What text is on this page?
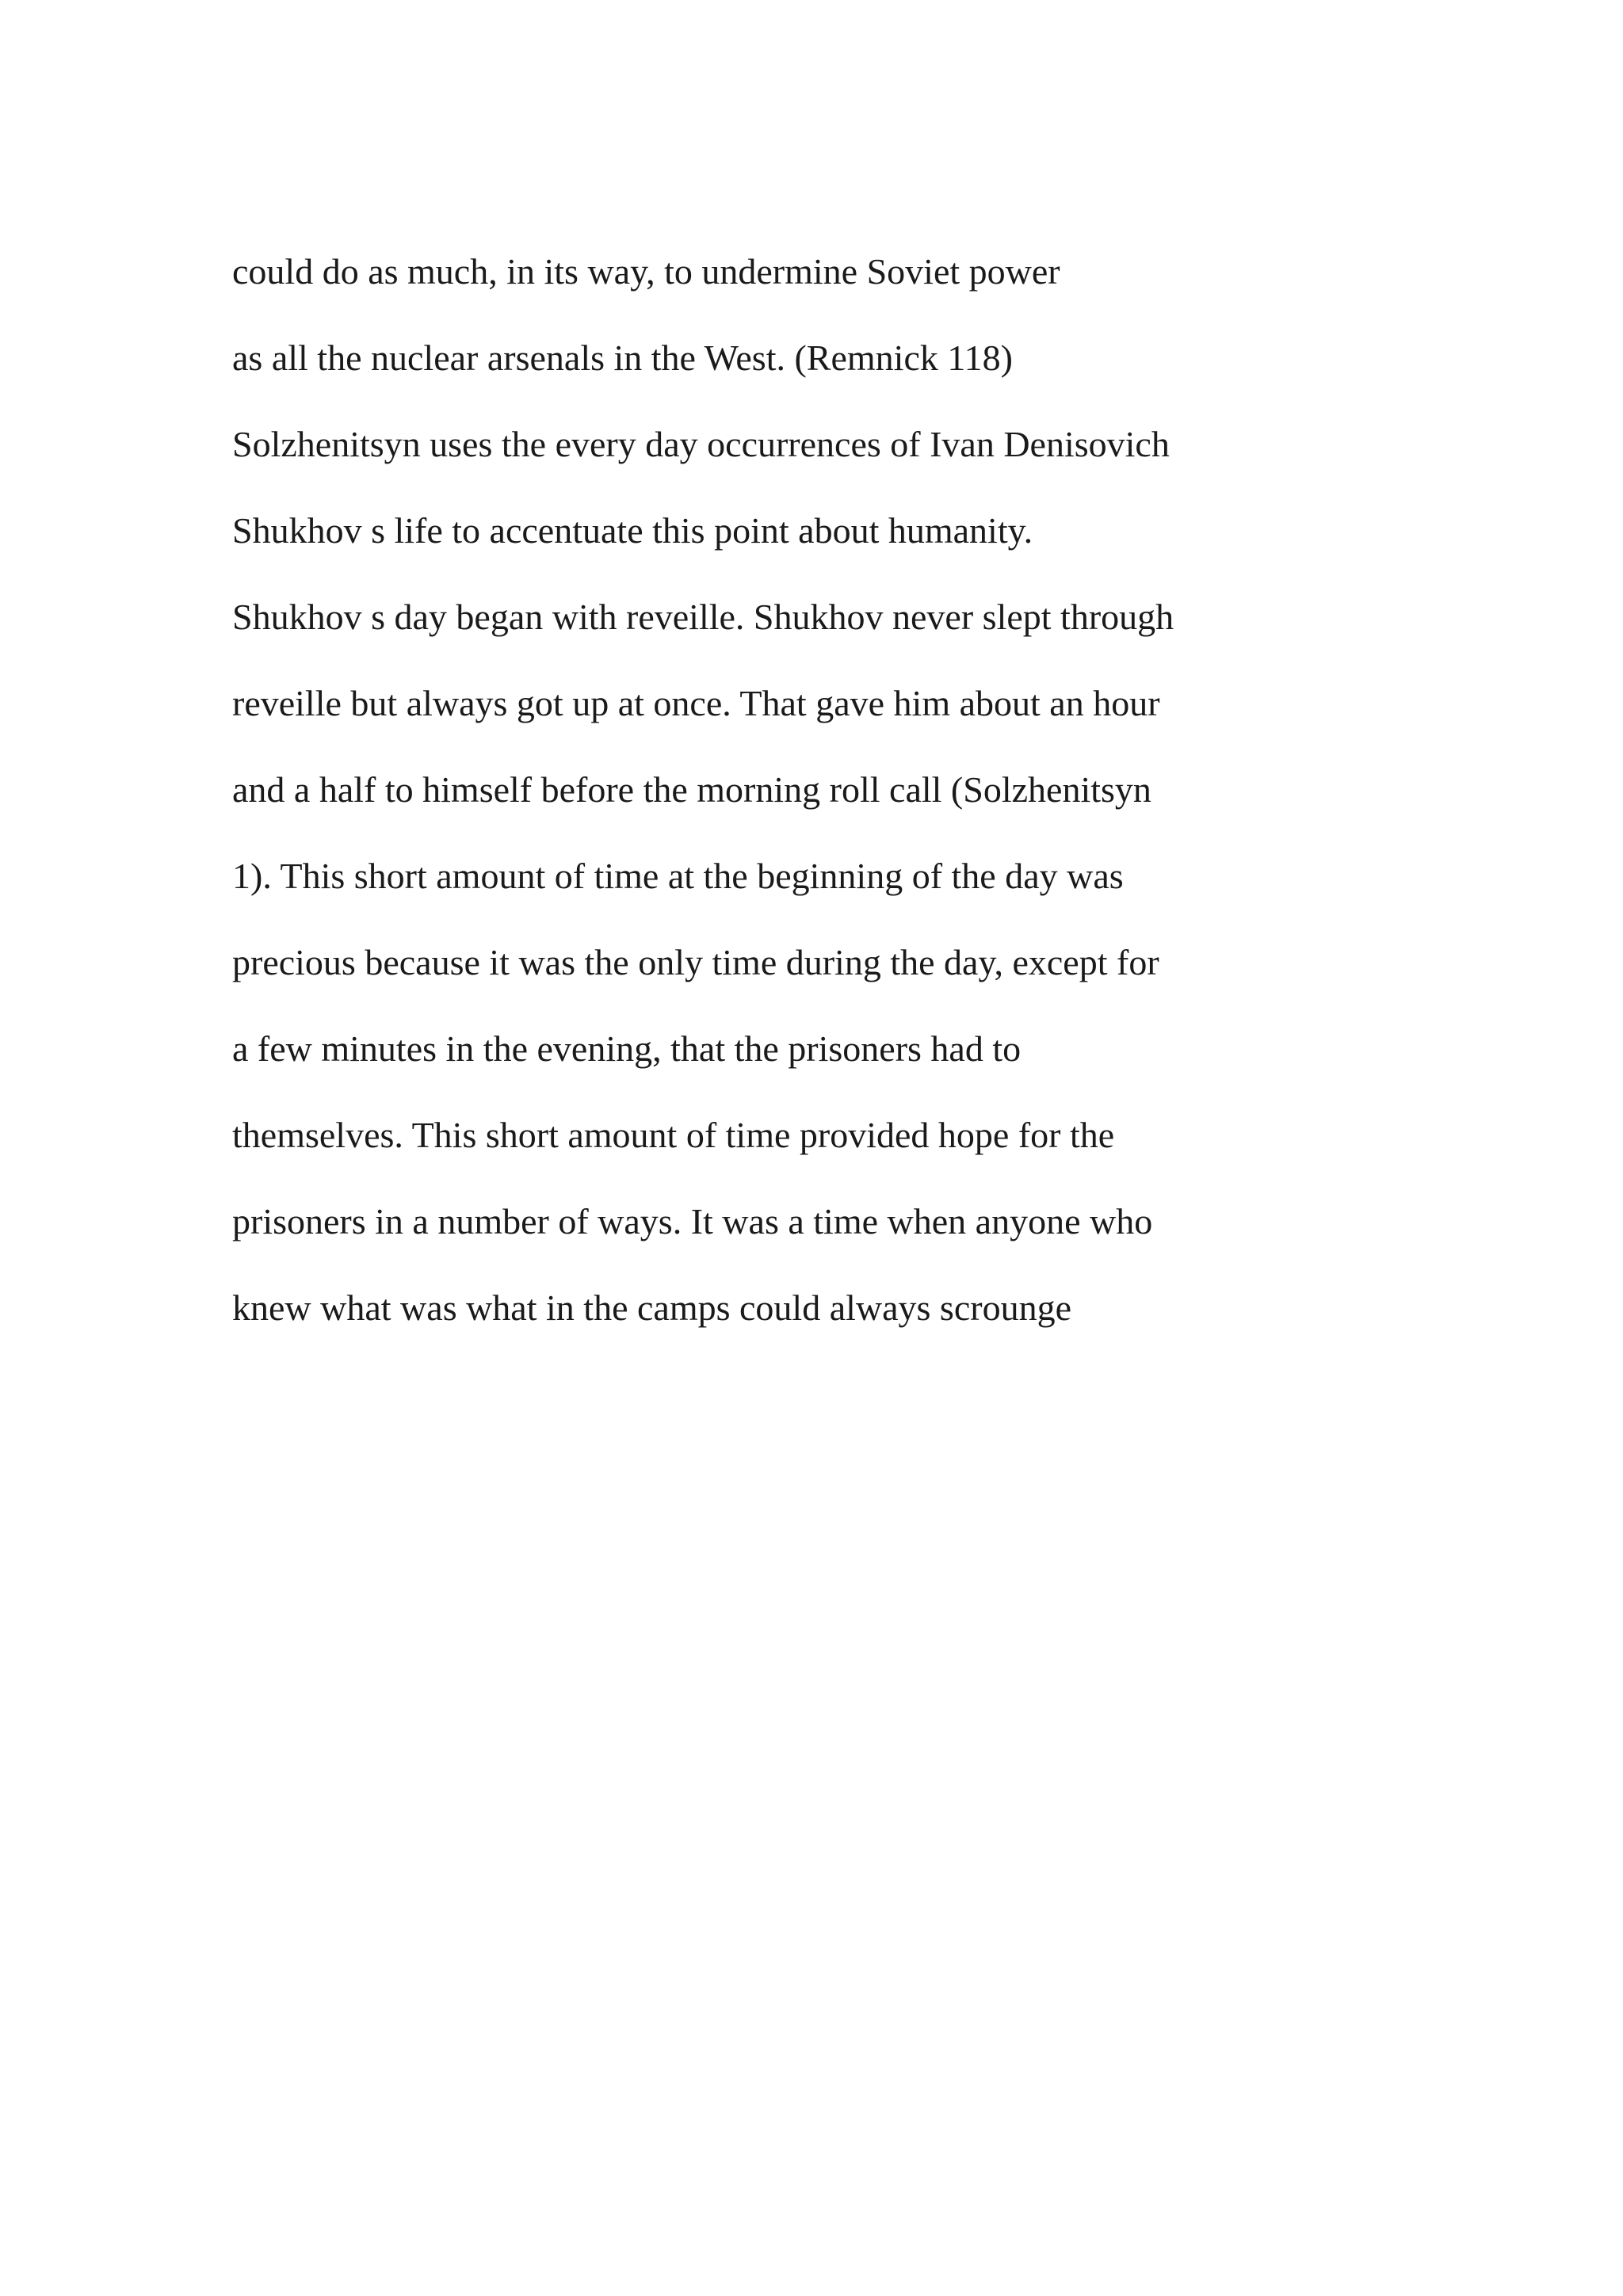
could do as much, in its way, to undermine Soviet power
as all the nuclear arsenals in the West. (Remnick 118)
Solzhenitsyn uses the every day occurrences of Ivan Denisovich
Shukhov s life to accentuate this point about humanity.
Shukhov s day began with reveille. Shukhov never slept through
reveille but always got up at once. That gave him about an hour
and a half to himself before the morning roll call (Solzhenitsyn
1). This short amount of time at the beginning of the day was
precious because it was the only time during the day, except for
a few minutes in the evening, that the prisoners had to
themselves. This short amount of time provided hope for the
prisoners in a number of ways. It was a time when anyone who
knew what was what in the camps could always scrounge
